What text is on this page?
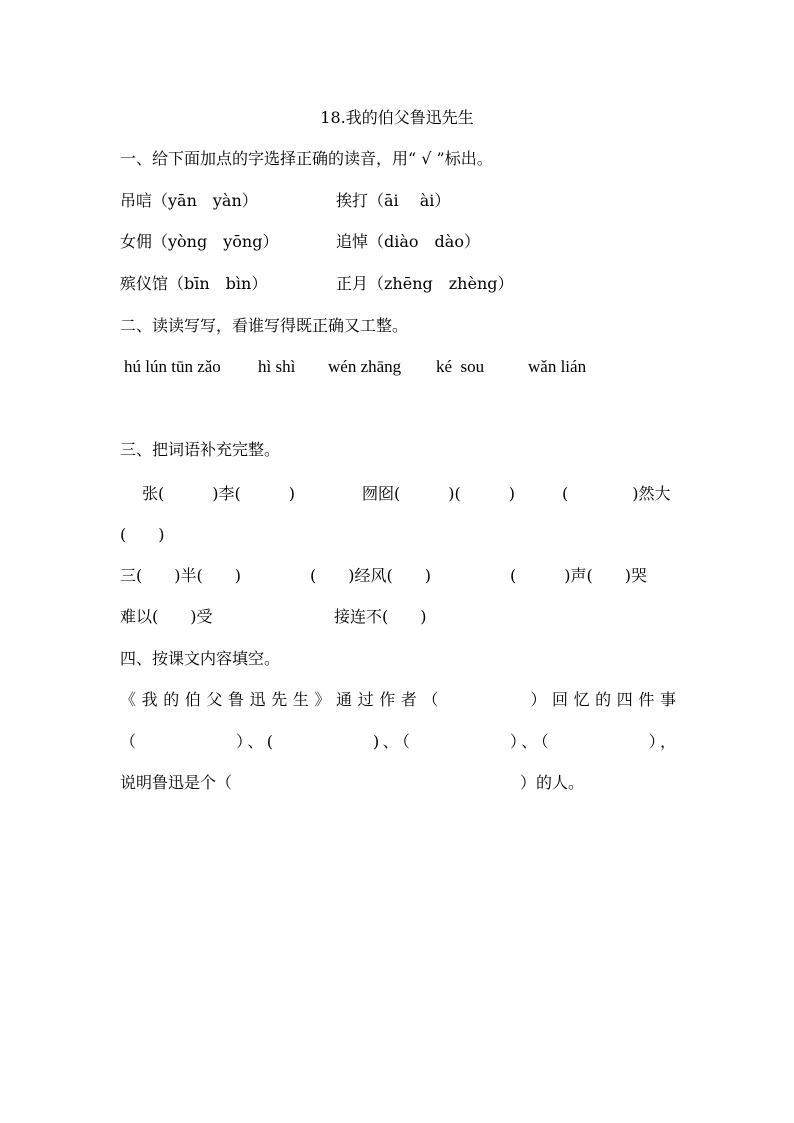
18.我的伯父鲁迅先生
一、给下面加点的字选择正确的读音，用“ √ ”标出。
吊唁（yān　yàn）	挨打（āi　 ài）
女佣（yòng　yōng）	追悼（diào　dào）
殡仪馆（bīn　bìn）	正月（zhēng　zhèng）
二、读读写写，看谁写得既正确又工整。
hú lún tūn zǎo hì shì wén zhāng ké  sou	wǎn lián
三、把词语补充完整。
张(　　　)李(　　　)	囫囵(　　　)(　　　)	(　　　　)然大
(　　)
三(　　)半(　　)	(　　)经风(　　)	(　　　)声(　　)哭
难以(　　)受	接连不(　　)
四、按课文内容填空。
《我的伯父鲁迅先生》通过作者（　　　　）回忆的四件事
（　　　　　）、(　　　　　)、（　　　　　）、（　　　　　），
说明鲁迅是个（　　　　　　　　　　　　　　　　　　）的人。
